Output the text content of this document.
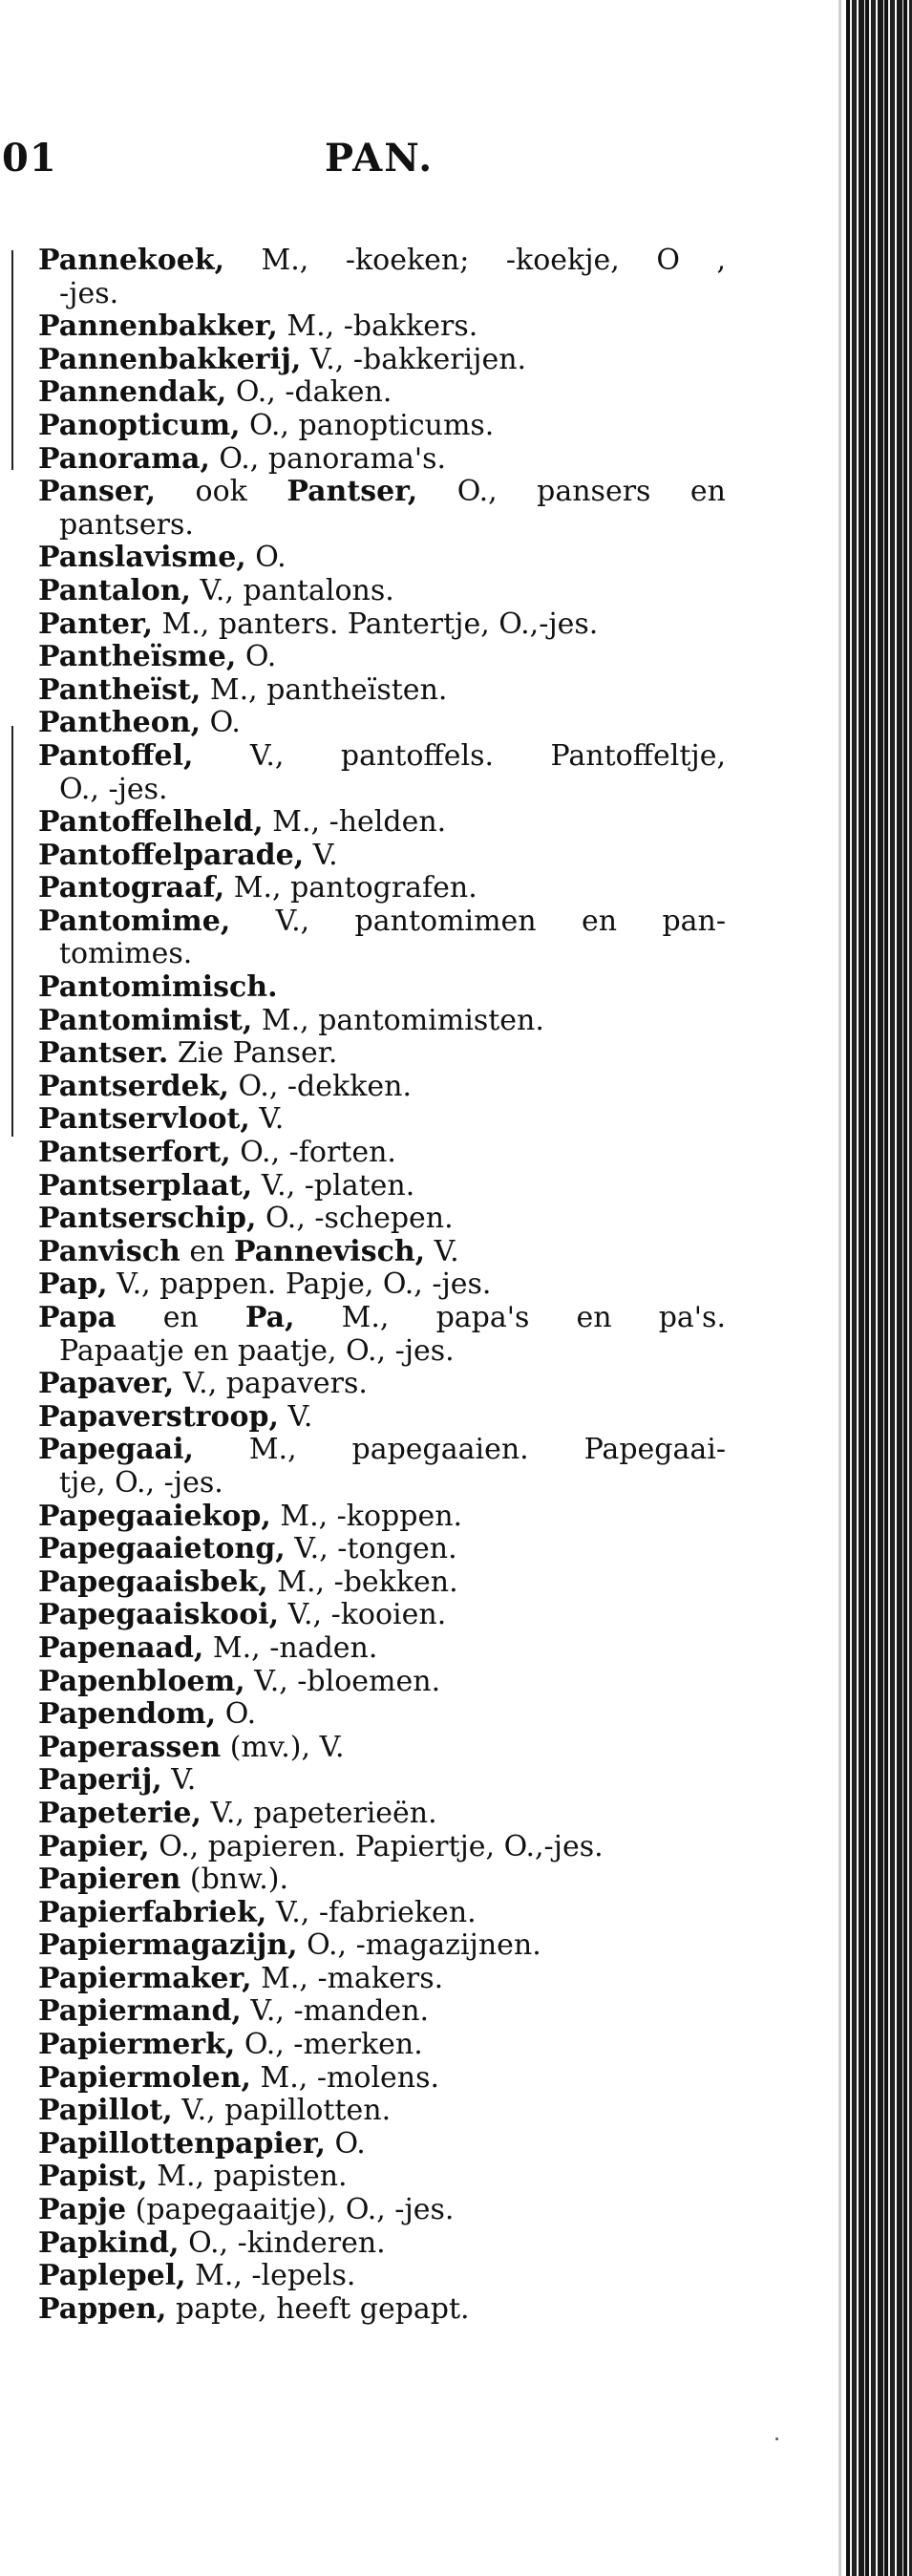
01	PAN.
Pannekoek, M., -koeken; -koekje, O ,
-jes.
Pannenbakker, M., -bakkers.
Pannenbakkerij, V., -bakkerijen.
Pannendak, O., -daken.
Panopticum, O., panopticums.
Panorama, O., panorama's.
Panser, ook Pantser, O., pansers en
pantsers.
Panslavisme, O.
Pantalon, V., pantalons.
Panter, M., panters. Pantertje, O.,-jes.
Pantheïsme, O.
Pantheïst, M., pantheïsten.
Pantheon, O.
Pantoffel, V., pantoffels. Pantoffeltje,
O., -jes.
Pantoffelheld, M., -helden.
Pantoffelparade, V.
Pantograaf, M., pantografen.
Pantomime, V., pantomimen en pan-
tomimes.
Pantomimisch.
Pantomimist, M., pantomimisten.
Pantser. Zie Panser.
Pantserdek, O., -dekken.
Pantservloot, V.
Pantserfort, O., -forten.
Pantserplaat, V., -platen.
Pantserschip, O., -schepen.
Panvisch en Pannevisch, V.
Pap, V., pappen. Papje, O., -jes.
Papa en Pa, M., papa's en pa's.
Papaatje en paatje, O., -jes.
Papaver, V., papavers.
Papaverstroop, V.
Papegaai, M., papegaaien. Papegaai-
tje, O., -jes.
Papegaaiekop, M., -koppen.
Papegaaietong, V., -tongen.
Papegaaisbek, M., -bekken.
Papegaaiskooi, V., -kooien.
Papenaad, M., -naden.
Papenbloem, V., -bloemen.
Papendom, O.
Paperassen (mv.), V.
Paperij, V.
Papeterie, V., papeterieën.
Papier, O., papieren. Papiertje, O.,-jes.
Papieren (bnw.).
Papierfabriek, V., -fabrieken.
Papiermagazijn, O., -magazijnen.
Papiermaker, M., -makers.
Papiermand, V., -manden.
Papiermerk, O., -merken.
Papiermolen, M., -molens.
Papillot, V., papillotten.
Papillottenpapier, O.
Papist, M., papisten.
Papje (papegaaitje), O., -jes.
Papkind, O., -kinderen.
Paplepel, M., -lepels.
Pappen, papte, heeft gepapt.
